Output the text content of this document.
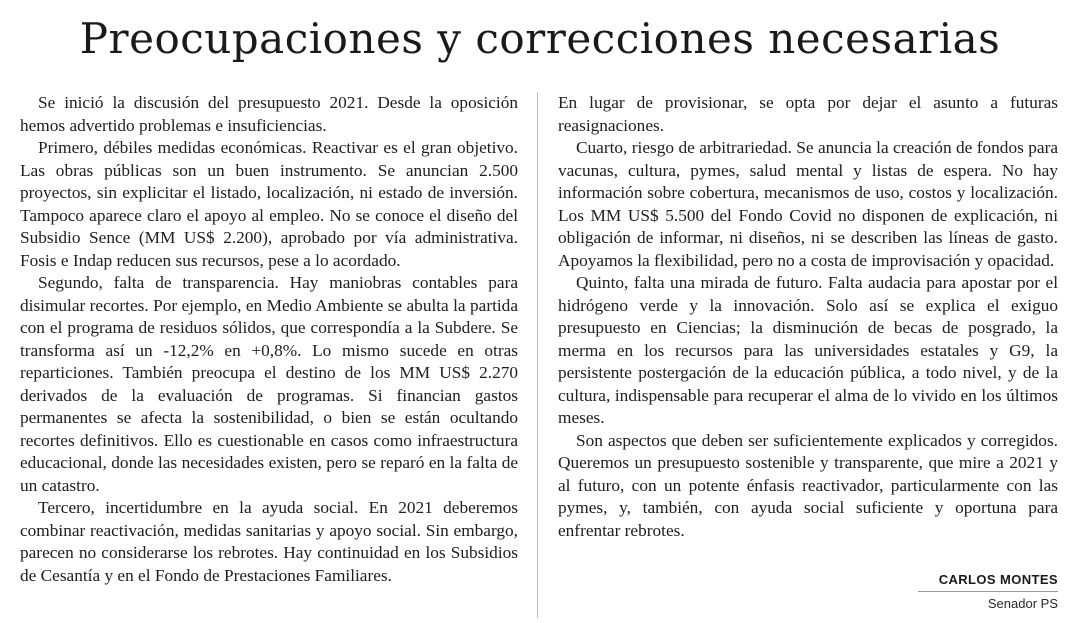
Preocupaciones y correcciones necesarias

Se inició la discusión del presupuesto 2021. Desde la oposición hemos advertido problemas e insuficiencias.

Primero, débiles medidas económicas. Reactivar es el gran objetivo. Las obras públicas son un buen instrumento. Se anuncian 2.500 proyectos, sin explicitar el listado, localización, ni estado de inversión. Tampoco aparece claro el apoyo al empleo. No se conoce el diseño del Subsidio Sence (MM US$ 2.200), aprobado por vía administrativa. Fosis e Indap reducen sus recursos, pese a lo acordado.

Segundo, falta de transparencia. Hay maniobras contables para disimular recortes. Por ejemplo, en Medio Ambiente se abulta la partida con el programa de residuos sólidos, que correspondía a la Subdere. Se transforma así un -12,2% en +0,8%. Lo mismo sucede en otras reparticiones. También preocupa el destino de los MM US$ 2.270 derivados de la evaluación de programas. Si financian gastos permanentes se afecta la sostenibilidad, o bien se están ocultando recortes definitivos. Ello es cuestionable en casos como infraestructura educacional, donde las necesidades existen, pero se reparó en la falta de un catastro.

Tercero, incertidumbre en la ayuda social. En 2021 deberemos combinar reactivación, medidas sanitarias y apoyo social. Sin embargo, parecen no considerarse los rebrotes. Hay continuidad en los Subsidios de Cesantía y en el Fondo de Prestaciones Familiares.

En lugar de provisionar, se opta por dejar el asunto a futuras reasignaciones.

Cuarto, riesgo de arbitrariedad. Se anuncia la creación de fondos para vacunas, cultura, pymes, salud mental y listas de espera. No hay información sobre cobertura, mecanismos de uso, costos y localización. Los MM US$ 5.500 del Fondo Covid no disponen de explicación, ni obligación de informar, ni diseños, ni se describen las líneas de gasto. Apoyamos la flexibilidad, pero no a costa de improvisación y opacidad.

Quinto, falta una mirada de futuro. Falta audacia para apostar por el hidrógeno verde y la innovación. Solo así se explica el exiguo presupuesto en Ciencias; la disminución de becas de posgrado, la merma en los recursos para las universidades estatales y G9, la persistente postergación de la educación pública, a todo nivel, y de la cultura, indispensable para recuperar el alma de lo vivido en los últimos meses.

Son aspectos que deben ser suficientemente explicados y corregidos. Queremos un presupuesto sostenible y transparente, que mire a 2021 y al futuro, con un potente énfasis reactivador, particularmente con las pymes, y, también, con ayuda social suficiente y oportuna para enfrentar rebrotes.

CARLOS MONTES
Senador PS
